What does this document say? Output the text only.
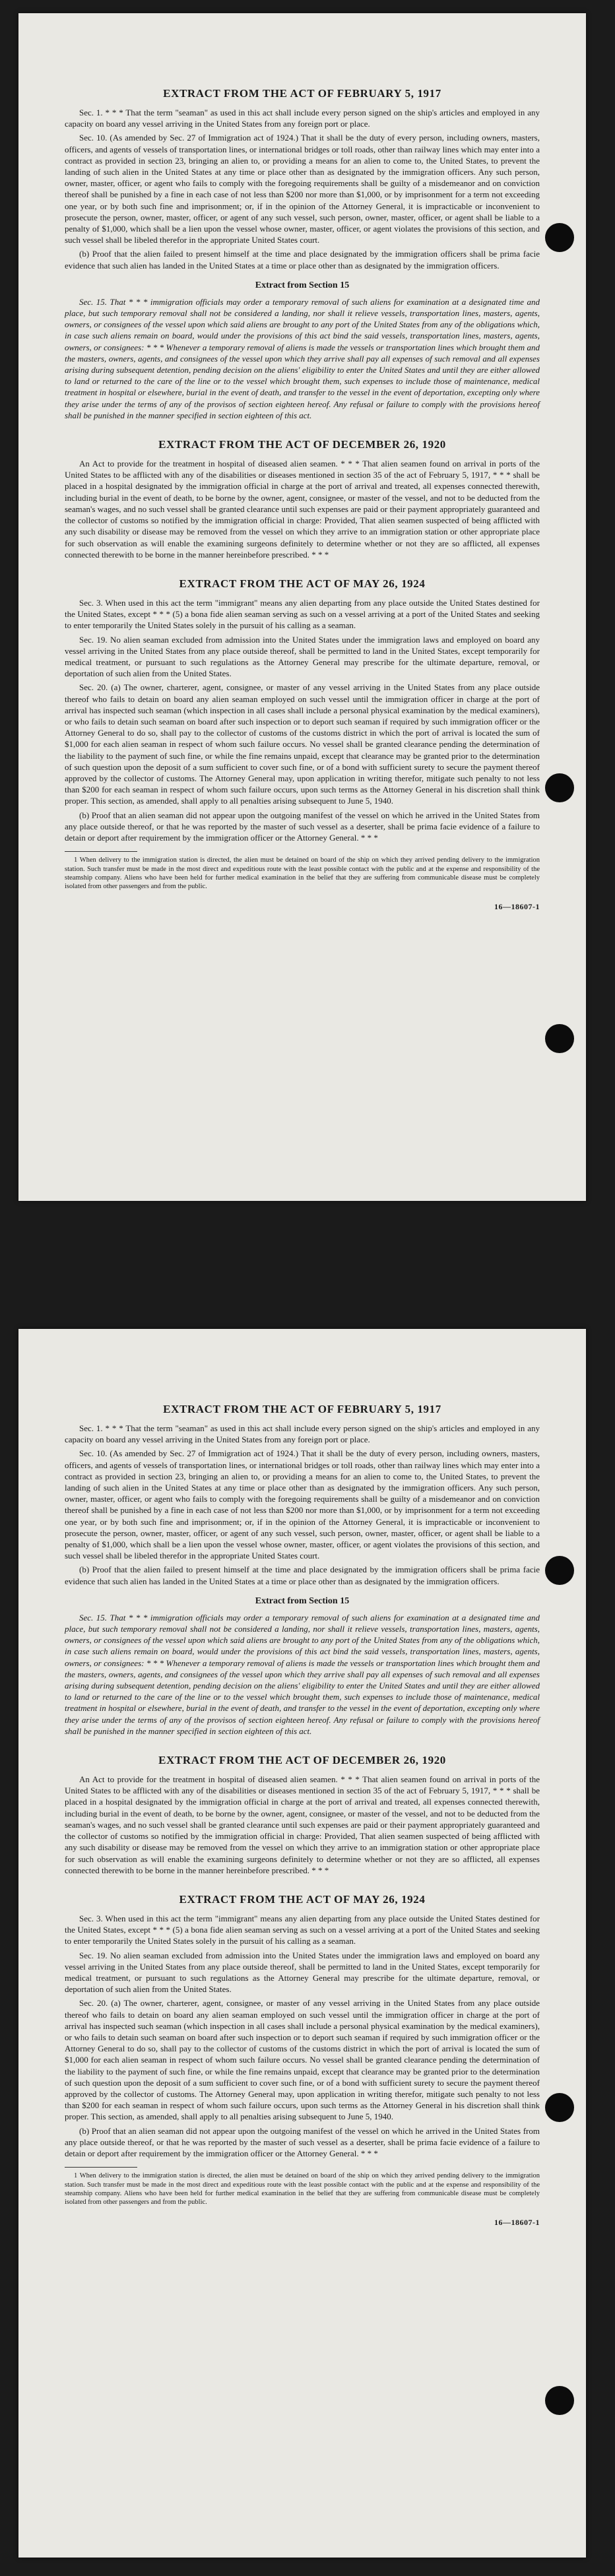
EXTRACT FROM THE ACT OF FEBRUARY 5, 1917

Sec. 1. * * * That the term "seaman" as used in this act shall include every person signed on the ship's articles and employed in any capacity on board any vessel arriving in the United States from any foreign port or place.

Sec. 10. (As amended by Sec. 27 of Immigration act of 1924.) That it shall be the duty of every person, including owners, masters, officers, and agents of vessels of transportation lines, or international bridges or toll roads, other than railway lines which may enter into a contract as provided in section 23, bringing an alien to, or providing a means for an alien to come to, the United States, to prevent the landing of such alien in the United States at any time or place other than as designated by the immigration officers. Any such person, owner, master, officer, or agent who fails to comply with the foregoing requirements shall be guilty of a misdemeanor and on conviction thereof shall be punished by a fine in each case of not less than $200 nor more than $1,000, or by imprisonment for a term not exceeding one year, or by both such fine and imprisonment; or, if in the opinion of the Attorney General, it is impracticable or inconvenient to prosecute the person, owner, master, officer, or agent of any such vessel, such person, owner, master, officer, or agent shall be liable to a penalty of $1,000, which shall be a lien upon the vessel whose owner, master, officer, or agent violates the provisions of this section, and such vessel shall be libeled therefor in the appropriate United States court.

(b) Proof that the alien failed to present himself at the time and place designated by the immigration officers shall be prima facie evidence that such alien has landed in the United States at a time or place other than as designated by the immigration officers.

Extract from Section 15

Sec. 15. That * * * immigration officials may order a temporary removal of such aliens for examination at a designated time and place, but such temporary removal shall not be considered a landing, nor shall it relieve vessels, transportation lines, masters, agents, owners, or consignees of the vessel upon which said aliens are brought to any port of the United States from any of the obligations which, in case such aliens remain on board, would under the provisions of this act bind the said vessels, transportation lines, masters, agents, owners, or consignees: * * * Whenever a temporary removal of aliens is made the vessels or transportation lines which brought them and the masters, owners, agents, and consignees of the vessel upon which they arrive shall pay all expenses of such removal and all expenses arising during subsequent detention, pending decision on the aliens' eligibility to enter the United States and until they are either allowed to land or returned to the care of the line or to the vessel which brought them, such expenses to include those of maintenance, medical treatment in hospital or elsewhere, burial in the event of death, and transfer to the vessel in the event of deportation, excepting only where they arise under the terms of any of the provisos of section eighteen hereof. Any refusal or failure to comply with the provisions hereof shall be punished in the manner specified in section eighteen of this act.

EXTRACT FROM THE ACT OF DECEMBER 26, 1920

An Act to provide for the treatment in hospital of diseased alien seamen. * * * That alien seamen found on arrival in ports of the United States to be afflicted with any of the disabilities or diseases mentioned in section 35 of the act of February 5, 1917, * * * shall be placed in a hospital designated by the immigration official in charge at the port of arrival and treated, all expenses connected therewith, including burial in the event of death, to be borne by the owner, agent, consignee, or master of the vessel, and not to be deducted from the seaman's wages, and no such vessel shall be granted clearance until such expenses are paid or their payment appropriately guaranteed and the collector of customs so notified by the immigration official in charge: Provided, That alien seamen suspected of being afflicted with any such disability or disease may be removed from the vessel on which they arrive to an immigration station or other appropriate place for such observation as will enable the examining surgeons definitely to determine whether or not they are so afflicted, all expenses connected therewith to be borne in the manner hereinbefore prescribed. * * *

EXTRACT FROM THE ACT OF MAY 26, 1924

Sec. 3. When used in this act the term "immigrant" means any alien departing from any place outside the United States destined for the United States, except * * * (5) a bona fide alien seaman serving as such on a vessel arriving at a port of the United States and seeking to enter temporarily the United States solely in the pursuit of his calling as a seaman.

Sec. 19. No alien seaman excluded from admission into the United States under the immigration laws and employed on board any vessel arriving in the United States from any place outside thereof, shall be permitted to land in the United States, except temporarily for medical treatment, or pursuant to such regulations as the Attorney General may prescribe for the ultimate departure, removal, or deportation of such alien from the United States.

Sec. 20. (a) The owner, charterer, agent, consignee, or master of any vessel arriving in the United States from any place outside thereof who fails to detain on board any alien seaman employed on such vessel until the immigration officer in charge at the port of arrival has inspected such seaman (which inspection in all cases shall include a personal physical examination by the medical examiners), or who fails to detain such seaman on board after such inspection or to deport such seaman if required by such immigration officer or the Attorney General to do so, shall pay to the collector of customs of the customs district in which the port of arrival is located the sum of $1,000 for each alien seaman in respect of whom such failure occurs. No vessel shall be granted clearance pending the determination of the liability to the payment of such fine, or while the fine remains unpaid, except that clearance may be granted prior to the determination of such question upon the deposit of a sum sufficient to cover such fine, or of a bond with sufficient surety to secure the payment thereof approved by the collector of customs. The Attorney General may, upon application in writing therefor, mitigate such penalty to not less than $200 for each seaman in respect of whom such failure occurs, upon such terms as the Attorney General in his discretion shall think proper. This section, as amended, shall apply to all penalties arising subsequent to June 5, 1940.

(b) Proof that an alien seaman did not appear upon the outgoing manifest of the vessel on which he arrived in the United States from any place outside thereof, or that he was reported by the master of such vessel as a deserter, shall be prima facie evidence of a failure to detain or deport after requirement by the immigration officer or the Attorney General. * * *

1 When delivery to the immigration station is directed, the alien must be detained on board of the ship on which they arrived pending delivery to the immigration station. Such transfer must be made in the most direct and expeditious route with the least possible contact with the public and at the expense and responsibility of the steamship company. Aliens who have been held for further medical examination in the belief that they are suffering from communicable disease must be completely isolated from other passengers and from the public.

16—18607-1
EXTRACT FROM THE ACT OF FEBRUARY 5, 1917

Sec. 1. * * * That the term "seaman" as used in this act shall include every person signed on the ship's articles and employed in any capacity on board any vessel arriving in the United States from any foreign port or place.

Sec. 10. (As amended by Sec. 27 of Immigration act of 1924.) That it shall be the duty of every person, including owners, masters, officers, and agents of vessels of transportation lines, or international bridges or toll roads, other than railway lines which may enter into a contract as provided in section 23, bringing an alien to, or providing a means for an alien to come to, the United States, to prevent the landing of such alien in the United States at any time or place other than as designated by the immigration officers. Any such person, owner, master, officer, or agent who fails to comply with the foregoing requirements shall be guilty of a misdemeanor and on conviction thereof shall be punished by a fine in each case of not less than $200 nor more than $1,000, or by imprisonment for a term not exceeding one year, or by both such fine and imprisonment; or, if in the opinion of the Attorney General, it is impracticable or inconvenient to prosecute the person, owner, master, officer, or agent of any such vessel, such person, owner, master, officer, or agent shall be liable to a penalty of $1,000, which shall be a lien upon the vessel whose owner, master, officer, or agent violates the provisions of this section, and such vessel shall be libeled therefor in the appropriate United States court.

(b) Proof that the alien failed to present himself at the time and place designated by the immigration officers shall be prima facie evidence that such alien has landed in the United States at a time or place other than as designated by the immigration officers.

Extract from Section 15

Sec. 15. That * * * immigration officials may order a temporary removal of such aliens for examination at a designated time and place, but such temporary removal shall not be considered a landing, nor shall it relieve vessels, transportation lines, masters, agents, owners, or consignees of the vessel upon which said aliens are brought to any port of the United States from any of the obligations which, in case such aliens remain on board, would under the provisions of this act bind the said vessels, transportation lines, masters, agents, owners, or consignees: * * * Whenever a temporary removal of aliens is made the vessels or transportation lines which brought them and the masters, owners, agents, and consignees of the vessel upon which they arrive shall pay all expenses of such removal and all expenses arising during subsequent detention, pending decision on the aliens' eligibility to enter the United States and until they are either allowed to land or returned to the care of the line or to the vessel which brought them, such expenses to include those of maintenance, medical treatment in hospital or elsewhere, burial in the event of death, and transfer to the vessel in the event of deportation, excepting only where they arise under the terms of any of the provisos of section eighteen hereof. Any refusal or failure to comply with the provisions hereof shall be punished in the manner specified in section eighteen of this act.

EXTRACT FROM THE ACT OF DECEMBER 26, 1920

An Act to provide for the treatment in hospital of diseased alien seamen. * * * That alien seamen found on arrival in ports of the United States to be afflicted with any of the disabilities or diseases mentioned in section 35 of the act of February 5, 1917, * * * shall be placed in a hospital designated by the immigration official in charge at the port of arrival and treated, all expenses connected therewith, including burial in the event of death, to be borne by the owner, agent, consignee, or master of the vessel, and not to be deducted from the seaman's wages, and no such vessel shall be granted clearance until such expenses are paid or their payment appropriately guaranteed and the collector of customs so notified by the immigration official in charge: Provided, That alien seamen suspected of being afflicted with any such disability or disease may be removed from the vessel on which they arrive to an immigration station or other appropriate place for such observation as will enable the examining surgeons definitely to determine whether or not they are so afflicted, all expenses connected therewith to be borne in the manner hereinbefore prescribed. * * *

EXTRACT FROM THE ACT OF MAY 26, 1924

Sec. 3. When used in this act the term "immigrant" means any alien departing from any place outside the United States destined for the United States, except * * * (5) a bona fide alien seaman serving as such on a vessel arriving at a port of the United States and seeking to enter temporarily the United States solely in the pursuit of his calling as a seaman.

Sec. 19. No alien seaman excluded from admission into the United States under the immigration laws and employed on board any vessel arriving in the United States from any place outside thereof, shall be permitted to land in the United States, except temporarily for medical treatment, or pursuant to such regulations as the Attorney General may prescribe for the ultimate departure, removal, or deportation of such alien from the United States.

Sec. 20. (a) The owner, charterer, agent, consignee, or master of any vessel arriving in the United States from any place outside thereof who fails to detain on board any alien seaman employed on such vessel until the immigration officer in charge at the port of arrival has inspected such seaman (which inspection in all cases shall include a personal physical examination by the medical examiners), or who fails to detain such seaman on board after such inspection or to deport such seaman if required by such immigration officer or the Attorney General to do so, shall pay to the collector of customs of the customs district in which the port of arrival is located the sum of $1,000 for each alien seaman in respect of whom such failure occurs. No vessel shall be granted clearance pending the determination of the liability to the payment of such fine, or while the fine remains unpaid, except that clearance may be granted prior to the determination of such question upon the deposit of a sum sufficient to cover such fine, or of a bond with sufficient surety to secure the payment thereof approved by the collector of customs. The Attorney General may, upon application in writing therefor, mitigate such penalty to not less than $200 for each seaman in respect of whom such failure occurs, upon such terms as the Attorney General in his discretion shall think proper. This section, as amended, shall apply to all penalties arising subsequent to June 5, 1940.

(b) Proof that an alien seaman did not appear upon the outgoing manifest of the vessel on which he arrived in the United States from any place outside thereof, or that he was reported by the master of such vessel as a deserter, shall be prima facie evidence of a failure to detain or deport after requirement by the immigration officer or the Attorney General. * * *

1 When delivery to the immigration station is directed, the alien must be detained on board of the ship on which they arrived pending delivery to the immigration station. Such transfer must be made in the most direct and expeditious route with the least possible contact with the public and at the expense and responsibility of the steamship company. Aliens who have been held for further medical examination in the belief that they are suffering from communicable disease must be completely isolated from other passengers and from the public.

16—18607-1
